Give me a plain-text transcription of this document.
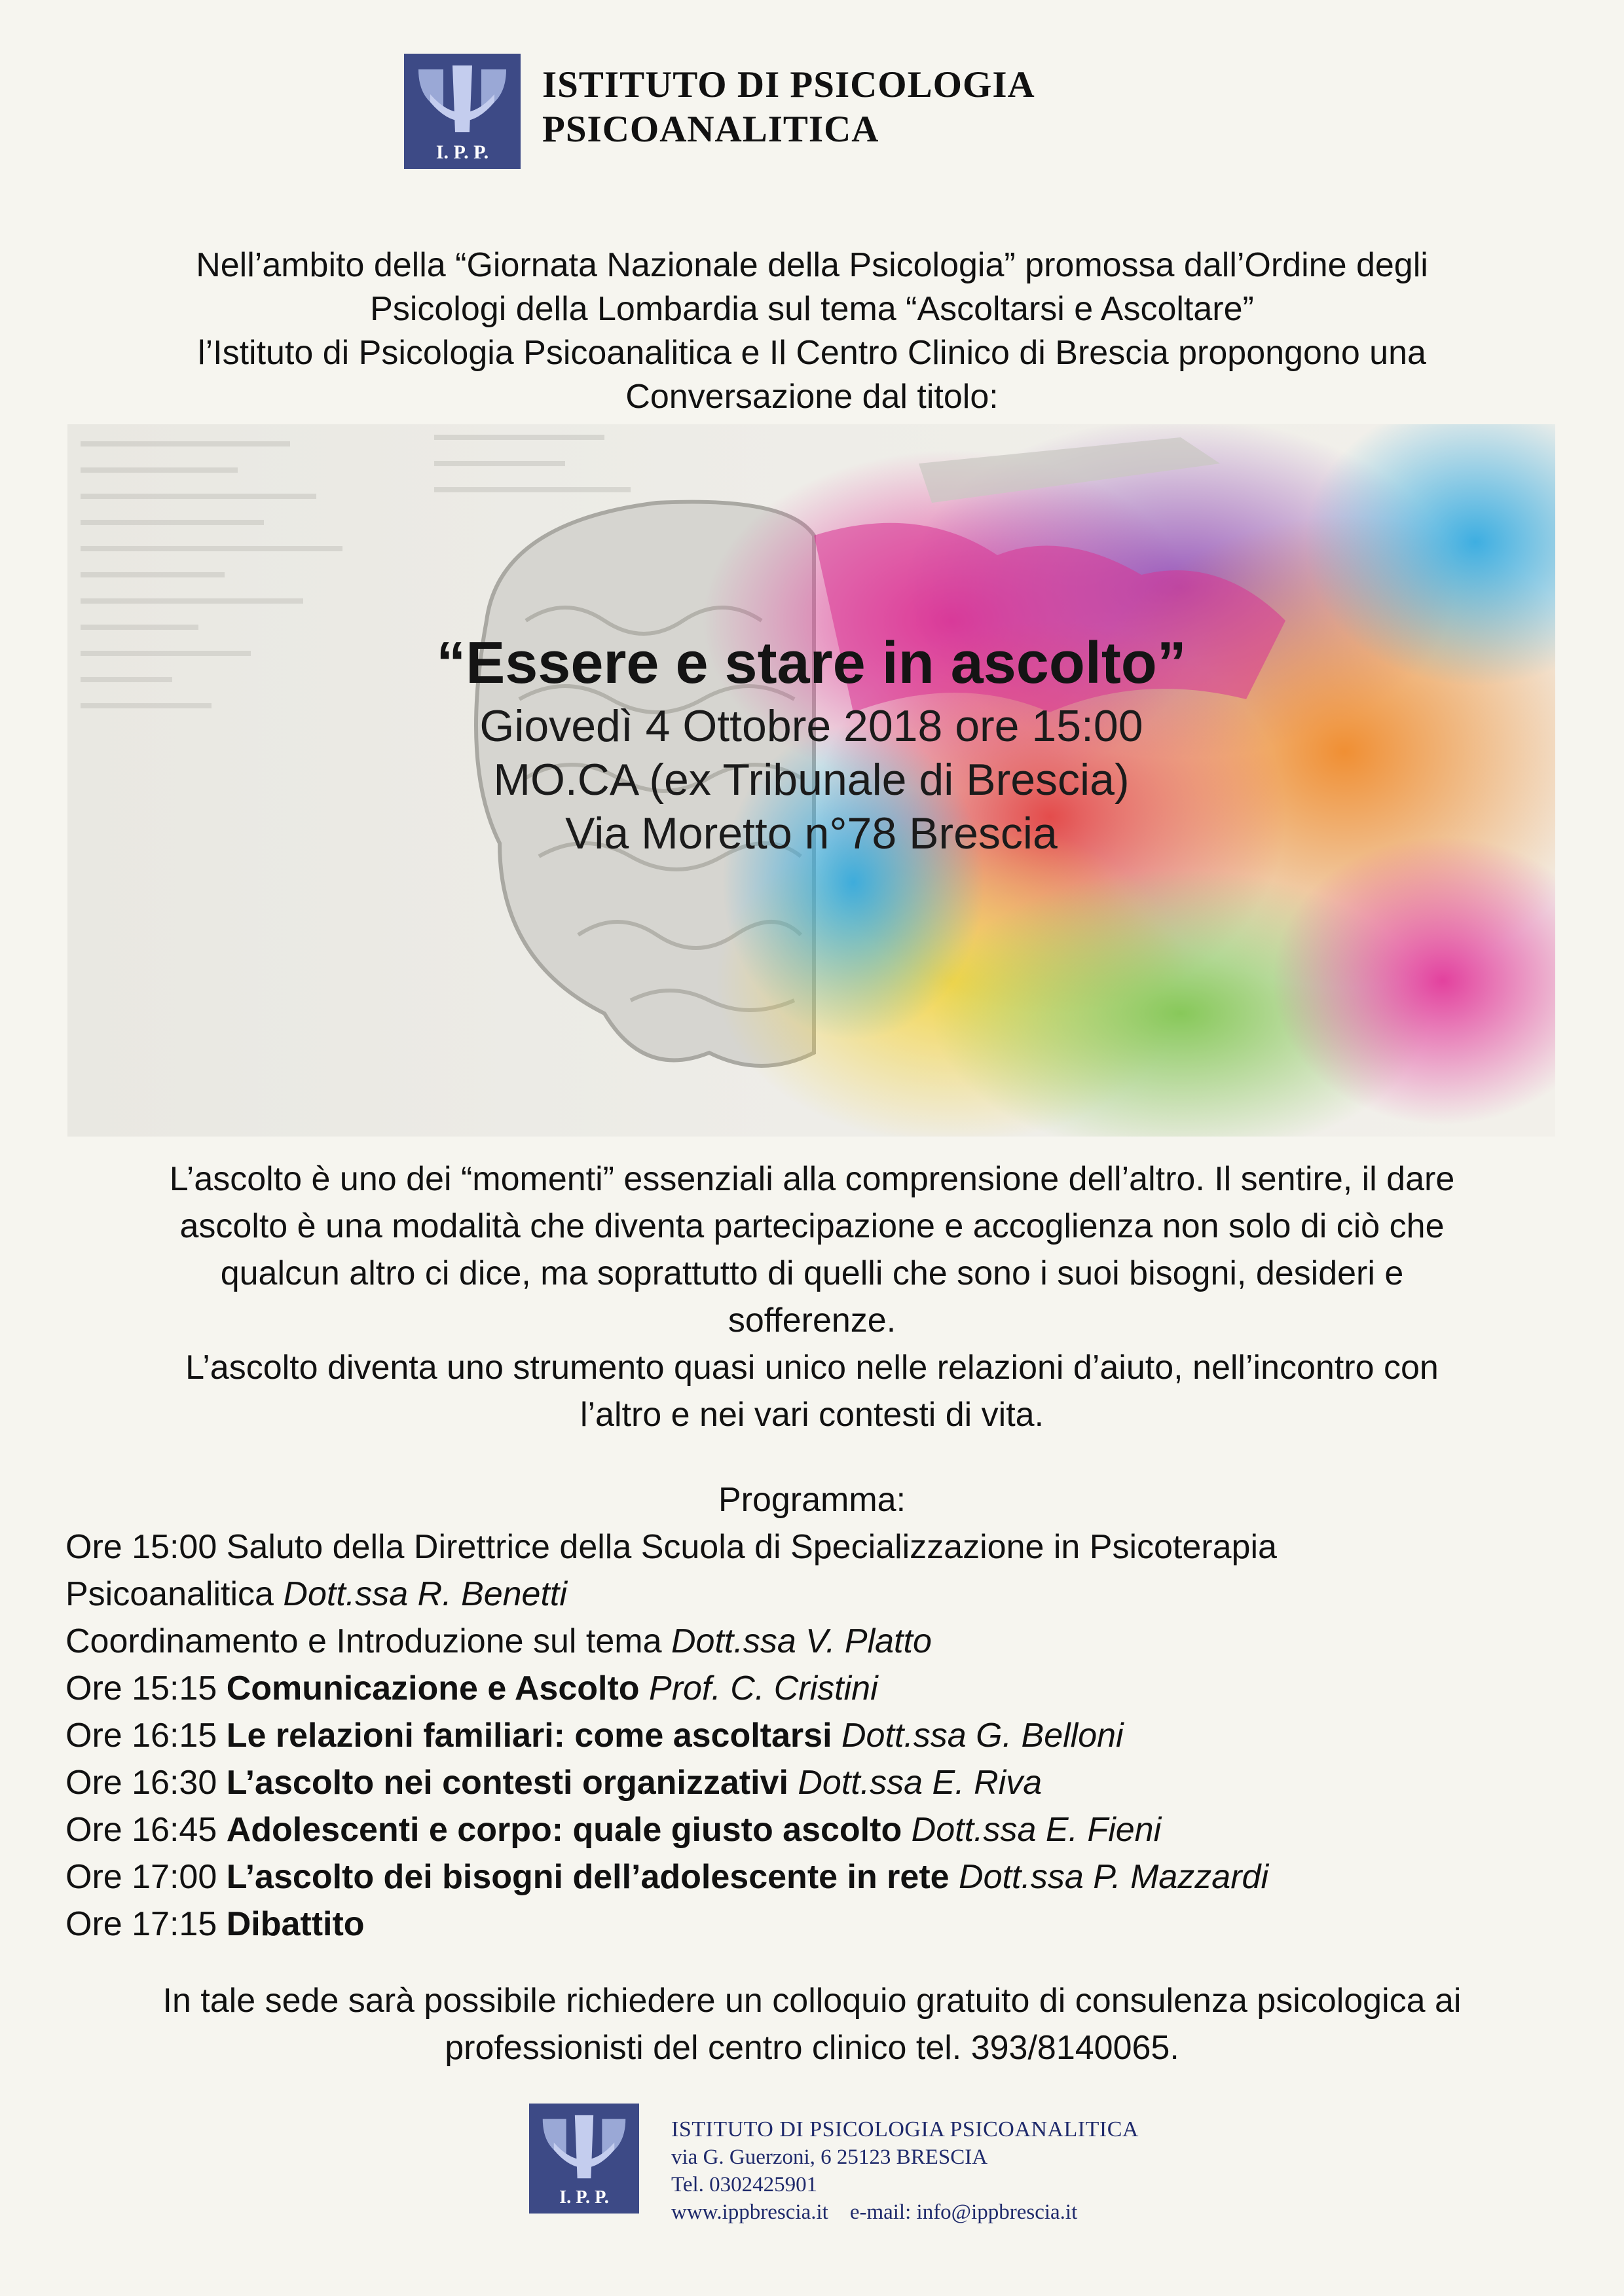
I. P. P.
ISTITUTO DI PSICOLOGIA
PSICOANALITICA
Nell’ambito della “Giornata Nazionale della Psicologia” promossa dall’Ordine degli
Psicologi della Lombardia sul tema “Ascoltarsi e Ascoltare”
l’Istituto di Psicologia Psicoanalitica e Il Centro Clinico di Brescia propongono una
Conversazione dal titolo:
“Essere e stare in ascolto”
Giovedì 4 Ottobre 2018 ore 15:00
MO.CA (ex Tribunale di Brescia)
Via Moretto n°78 Brescia
L’ascolto è uno dei “momenti” essenziali alla comprensione dell’altro. Il sentire, il dare
ascolto è una modalità che diventa partecipazione e accoglienza non solo di ciò che
qualcun altro ci dice, ma soprattutto di quelli che sono i suoi bisogni, desideri e
sofferenze.
L’ascolto diventa uno strumento quasi unico nelle relazioni d’aiuto, nell’incontro con
l’altro e nei vari contesti di vita.
Programma:
Ore 15:00 Saluto della Direttrice della Scuola di Specializzazione in Psicoterapia
Psicoanalitica Dott.ssa R. Benetti
Coordinamento e Introduzione sul tema Dott.ssa V. Platto
Ore 15:15 Comunicazione e Ascolto Prof. C. Cristini
Ore 16:15 Le relazioni familiari: come ascoltarsi Dott.ssa G. Belloni
Ore 16:30 L’ascolto nei contesti organizzativi Dott.ssa E. Riva
Ore 16:45 Adolescenti e corpo: quale giusto ascolto Dott.ssa E. Fieni
Ore 17:00 L’ascolto dei bisogni dell’adolescente in rete Dott.ssa P. Mazzardi
Ore 17:15 Dibattito
In tale sede sarà possibile richiedere un colloquio gratuito di consulenza psicologica ai
professionisti del centro clinico tel. 393/8140065.
I. P. P.
ISTITUTO DI PSICOLOGIA PSICOANALITICA
via G. Guerzoni, 6 25123 BRESCIA
Tel. 0302425901
www.ippbrescia.it e-mail: info@ippbrescia.it
